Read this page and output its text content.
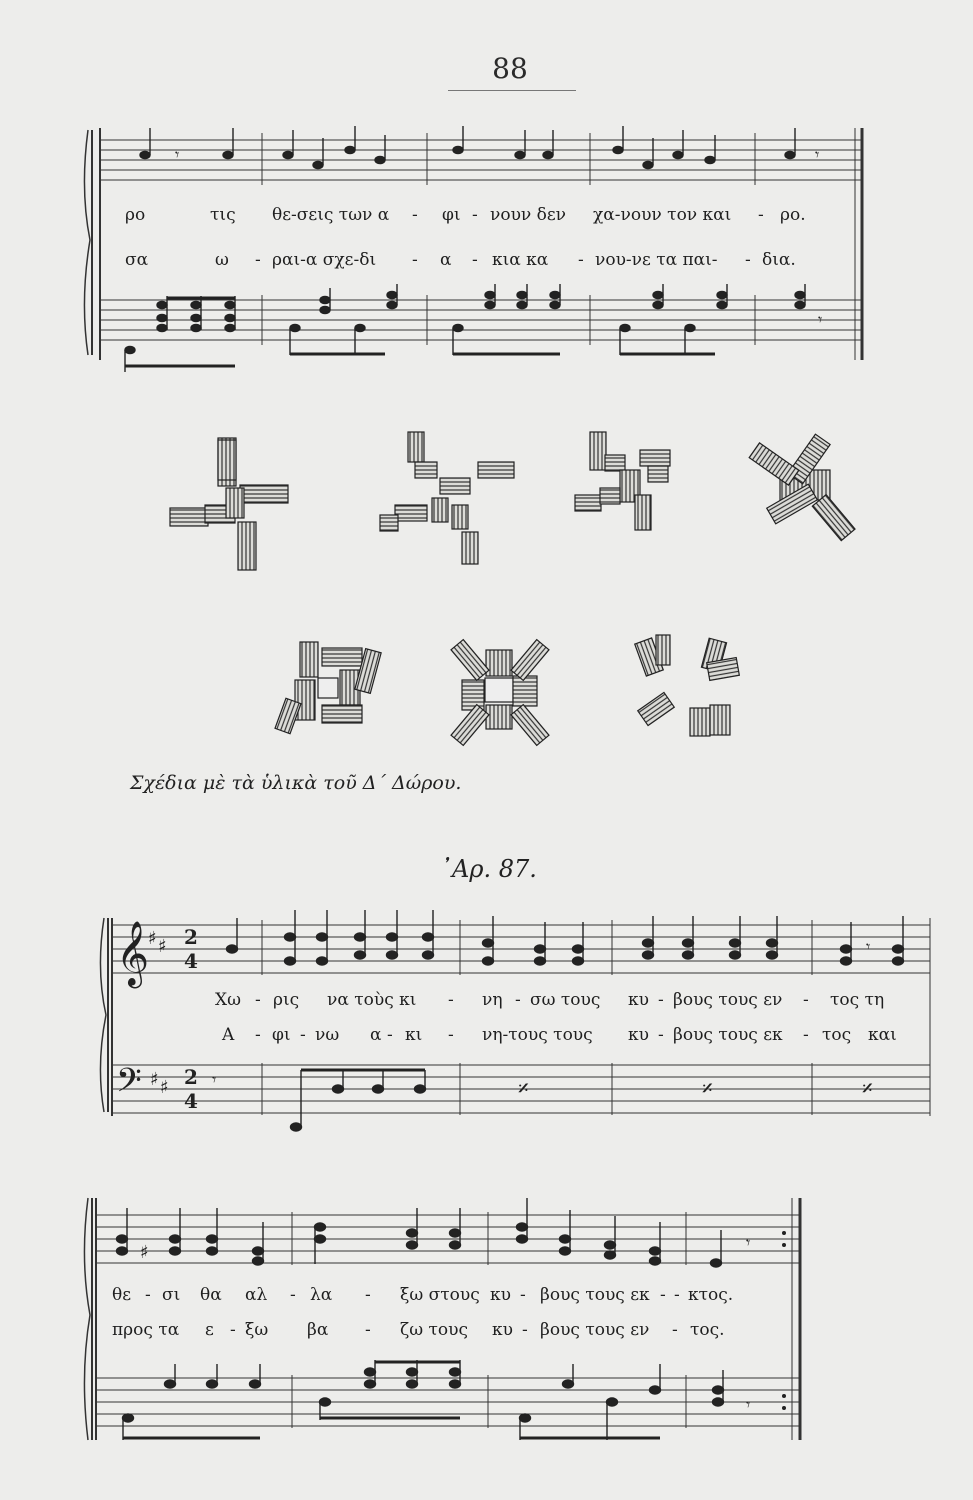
88
𝄾	𝄾
𝄾
ρο	τις θε-σεις των α - φι - νουν δεν χα-νουν τον και - ρο.
σα	ω - ραι-α σχε-δι - α - κια κα - νου-νε τα παι- - δια.
Σχέδια μὲ τὰ ὑλικὰ τοῦ Δ΄ Δώρου.
᾿Αρ. 87.
𝄞
♯ ♯
𝄢 ♯ ♯
2
4
2
4
𝄾
𝄾	𝄎	𝄎	𝄎
Χω - ρις να τοὺς κι - νη - σω τους κυ - βους τους εν - τος τη
Α - φι - νω α - κι - νη-τους τους κυ - βους τους εκ - τος και
♯	𝄾
𝄾
θε - σι θα αλ - λα - ξω στους κυ - βους τους εκ - - κτος.
προς τα ε - ξω βα - ζω τους κυ - βους τους εν - τος.
